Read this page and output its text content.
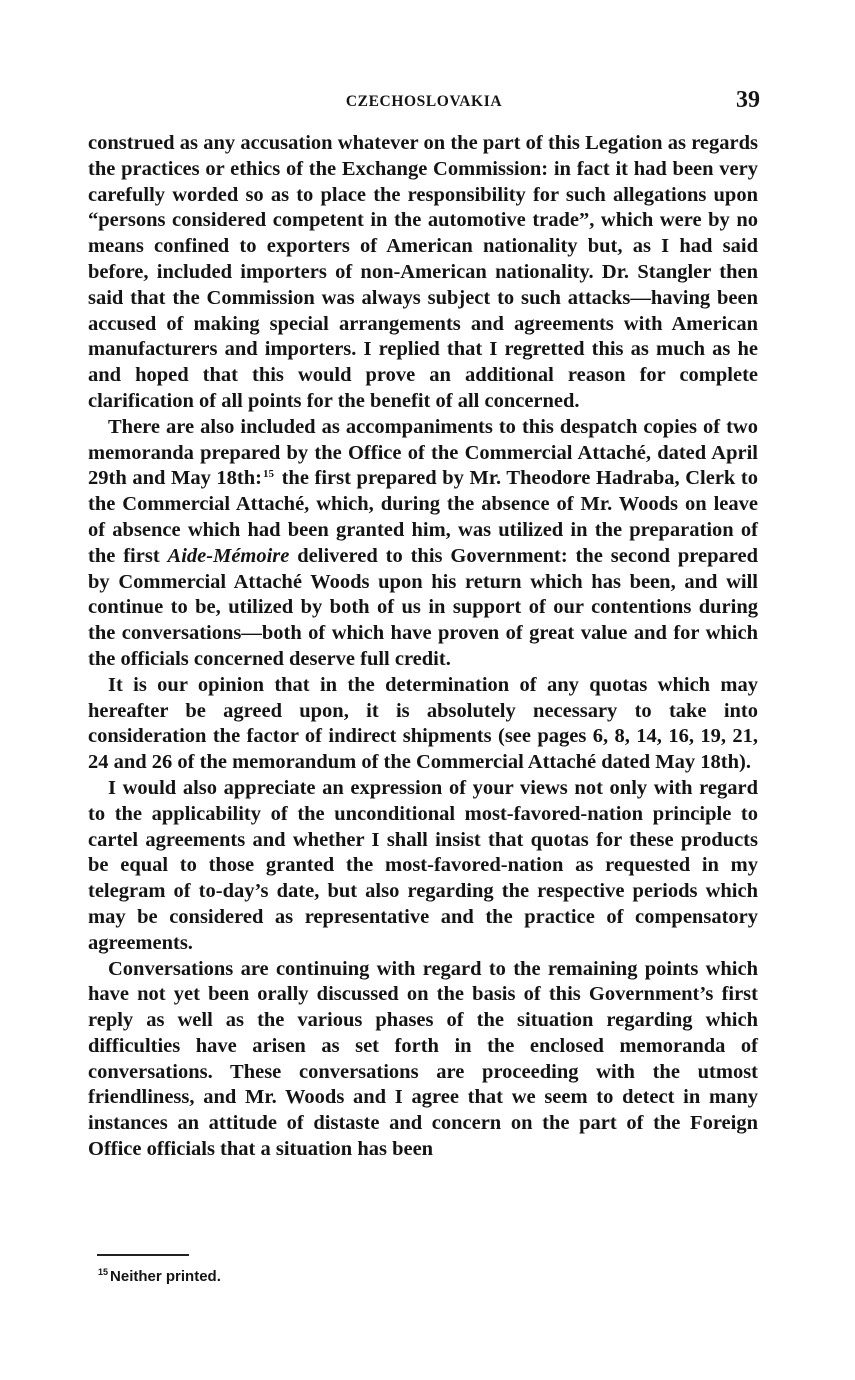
CZECHOSLOVAKIA	39

construed as any accusation whatever on the part of this Legation as regards the practices or ethics of the Exchange Commission: in fact it had been very carefully worded so as to place the responsibility for such allegations upon “persons considered competent in the automotive trade”, which were by no means confined to exporters of American nationality but, as I had said before, included importers of non-American nationality. Dr. Stangler then said that the Commission was always subject to such attacks—having been accused of making special arrangements and agreements with American manufacturers and importers. I replied that I regretted this as much as he and hoped that this would prove an additional reason for complete clarification of all points for the benefit of all concerned.

There are also included as accompaniments to this despatch copies of two memoranda prepared by the Office of the Commercial Attaché, dated April 29th and May 18th:$^{15}$ the first prepared by Mr. Theodore Hadraba, Clerk to the Commercial Attaché, which, during the absence of Mr. Woods on leave of absence which had been granted him, was utilized in the preparation of the first Aide-Mémoire delivered to this Government: the second prepared by Commercial Attaché Woods upon his return which has been, and will continue to be, utilized by both of us in support of our contentions during the conversations—both of which have proven of great value and for which the officials concerned deserve full credit.

It is our opinion that in the determination of any quotas which may hereafter be agreed upon, it is absolutely necessary to take into consideration the factor of indirect shipments (see pages 6, 8, 14, 16, 19, 21, 24 and 26 of the memorandum of the Commercial Attaché dated May 18th).

I would also appreciate an expression of your views not only with regard to the applicability of the unconditional most-favored-nation principle to cartel agreements and whether I shall insist that quotas for these products be equal to those granted the most-favored-nation as requested in my telegram of to-day’s date, but also regarding the respective periods which may be considered as representative and the practice of compensatory agreements.

Conversations are continuing with regard to the remaining points which have not yet been orally discussed on the basis of this Government’s first reply as well as the various phases of the situation regarding which difficulties have arisen as set forth in the enclosed memoranda of conversations. These conversations are proceeding with the utmost friendliness, and Mr. Woods and I agree that we seem to detect in many instances an attitude of distaste and concern on the part of the Foreign Office officials that a situation has been

$^{15}$ Neither printed.
